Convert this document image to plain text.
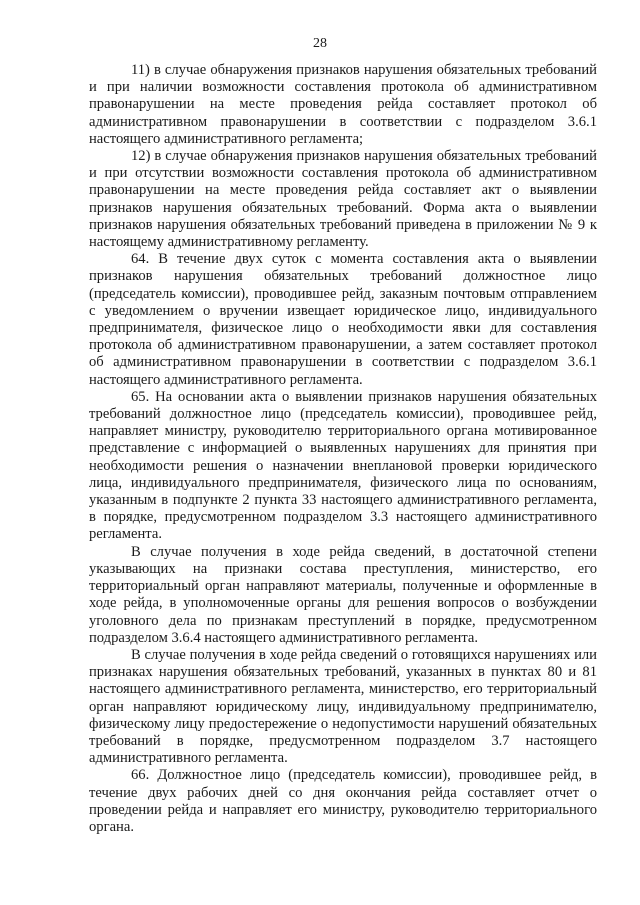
28

11) в случае обнаружения признаков нарушения обязательных требований и при наличии возможности составления протокола об административном правонарушении на месте проведения рейда составляет протокол об административном правонарушении в соответствии с подразделом 3.6.1 настоящего административного регламента;

12) в случае обнаружения признаков нарушения обязательных требований и при отсутствии возможности составления протокола об административном правонарушении на месте проведения рейда составляет акт о выявлении признаков нарушения обязательных требований. Форма акта о выявлении признаков нарушения обязательных требований приведена в приложении № 9 к настоящему административному регламенту.

64. В течение двух суток с момента составления акта о выявлении признаков нарушения обязательных требований должностное лицо (председатель комиссии), проводившее рейд, заказным почтовым отправлением с уведомлением о вручении извещает юридическое лицо, индивидуального предпринимателя, физическое лицо о необходимости явки для составления протокола об административном правонарушении, а затем составляет протокол об административном правонарушении в соответствии с подразделом 3.6.1 настоящего административного регламента.

65. На основании акта о выявлении признаков нарушения обязательных требований должностное лицо (председатель комиссии), проводившее рейд, направляет министру, руководителю территориального органа мотивированное представление с информацией о выявленных нарушениях для принятия при необходимости решения о назначении внеплановой проверки юридического лица, индивидуального предпринимателя, физического лица по основаниям, указанным в подпункте 2 пункта 33 настоящего административного регламента, в порядке, предусмотренном подразделом 3.3 настоящего административного регламента.

В случае получения в ходе рейда сведений, в достаточной степени указывающих на признаки состава преступления, министерство, его территориальный орган направляют материалы, полученные и оформленные в ходе рейда, в уполномоченные органы для решения вопросов о возбуждении уголовного дела по признакам преступлений в порядке, предусмотренном подразделом 3.6.4 настоящего административного регламента.

В случае получения в ходе рейда сведений о готовящихся нарушениях или признаках нарушения обязательных требований, указанных в пунктах 80 и 81 настоящего административного регламента, министерство, его территориальный орган направляют юридическому лицу, индивидуальному предпринимателю, физическому лицу предостережение о недопустимости нарушений обязательных требований в порядке, предусмотренном подразделом 3.7 настоящего административного регламента.

66. Должностное лицо (председатель комиссии), проводившее рейд, в течение двух рабочих дней со дня окончания рейда составляет отчет о проведении рейда и направляет его министру, руководителю территориального органа.
